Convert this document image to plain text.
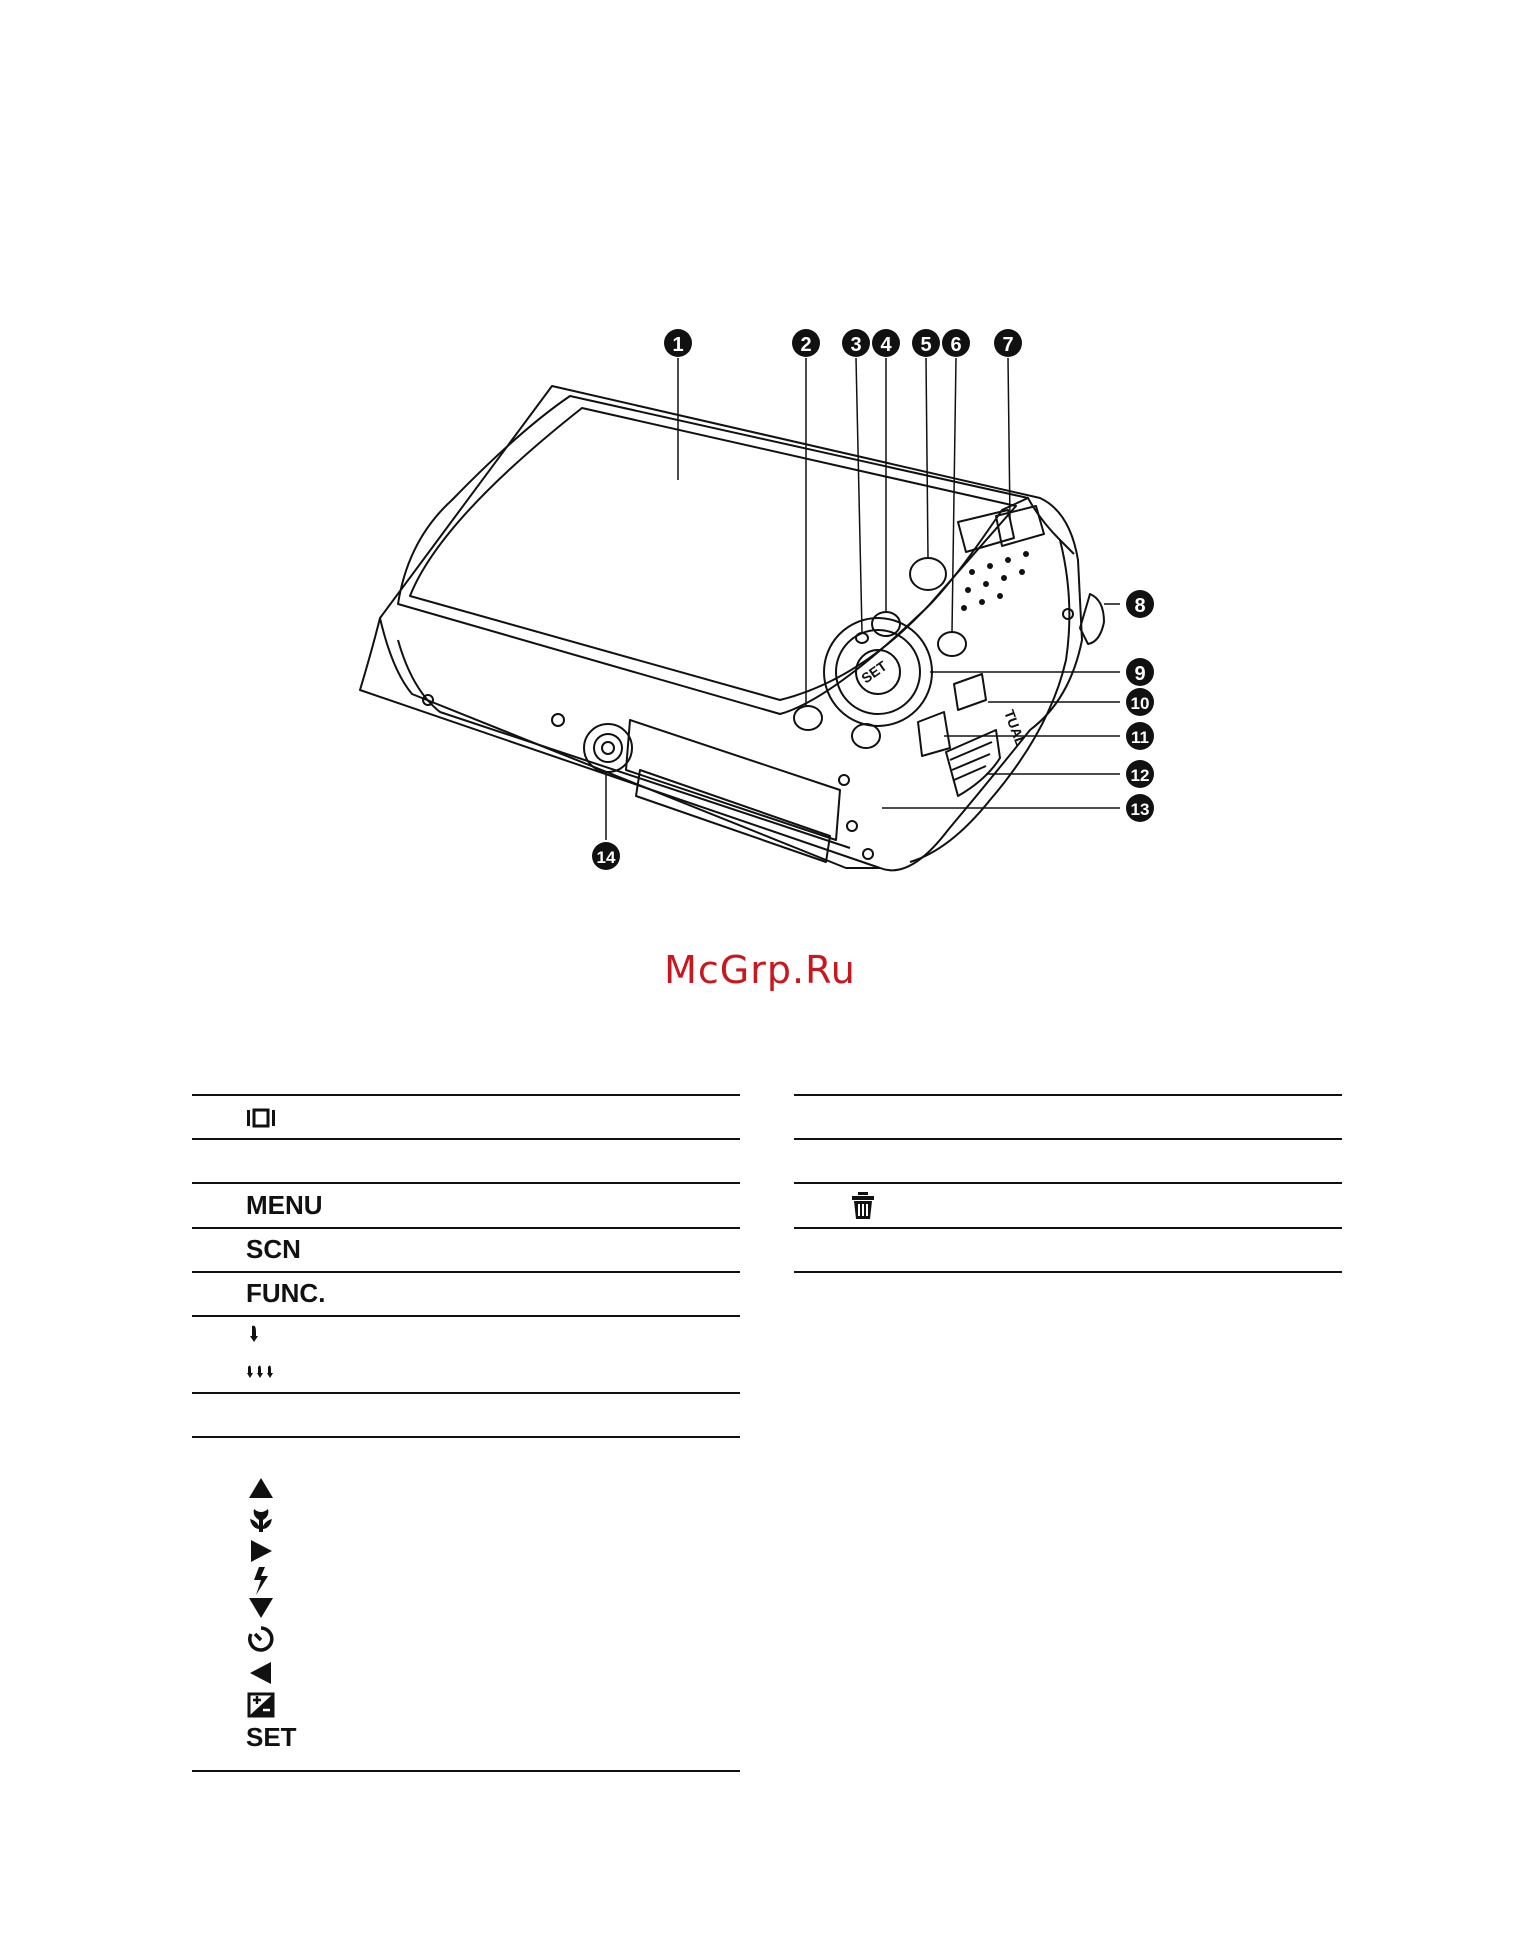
TUAL
SET
1	2 3 4 5 6 7
8
9
10
11
12
13
14
McGrp.Ru
MENU
SCN
FUNC.
SET
